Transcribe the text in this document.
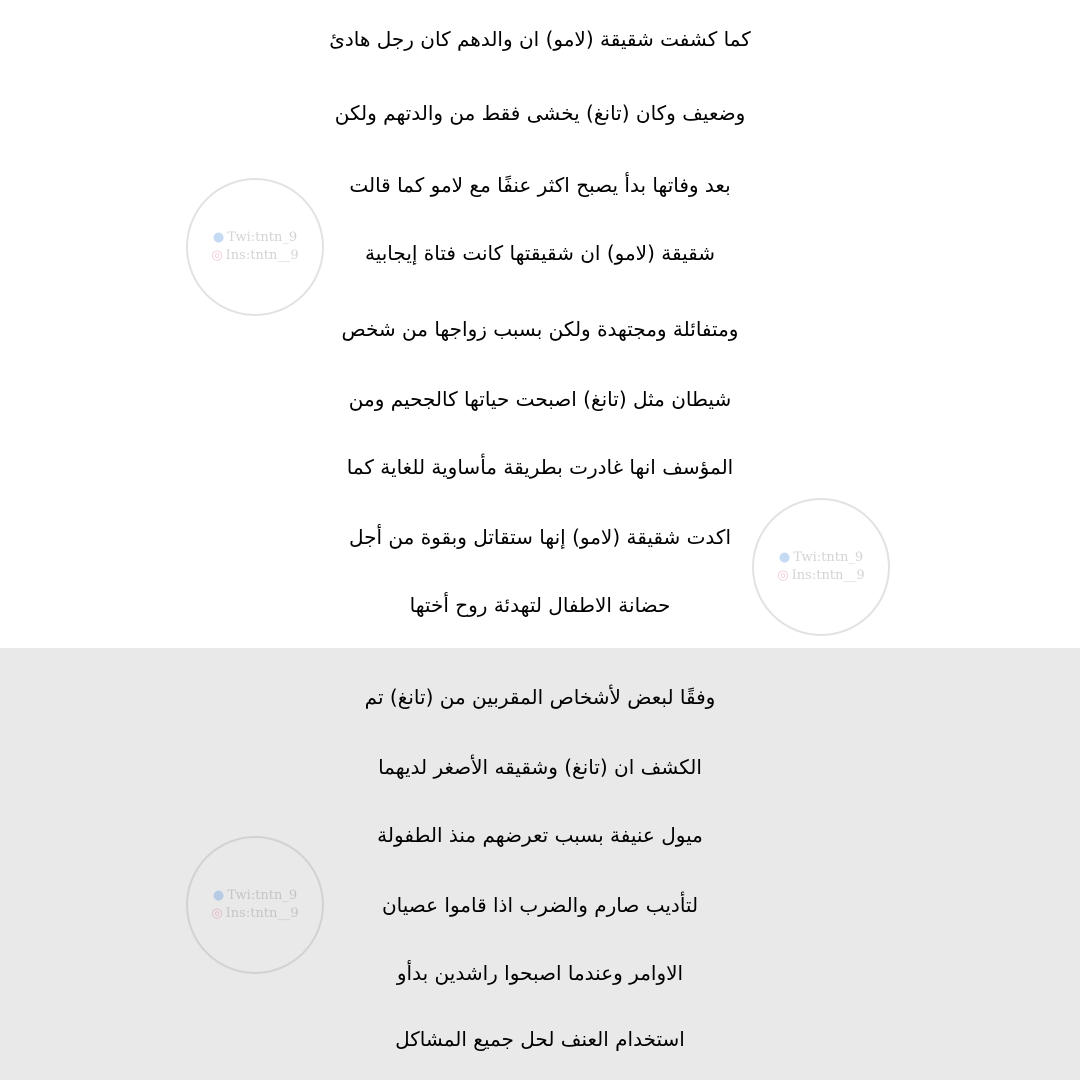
كما كشفت شقيقة (لامو) ان والدهم كان رجل هادئ
وضعيف وكان (تانغ) يخشى فقط من والدتهم ولكن
بعد وفاتها بدأ يصبح اكثر عنفًا مع لامو كما قالت
شقيقة (لامو) ان شقيقتها كانت فتاة إيجابية
ومتفائلة ومجتهدة ولكن بسبب زواجها من شخص
شيطان مثل (تانغ) اصبحت حياتها كالجحيم ومن
المؤسف انها غادرت بطريقة مأساوية للغاية كما
اكدت شقيقة (لامو) إنها ستقاتل وبقوة من أجل
حضانة الاطفال لتهدئة روح أختها
● Twi:tntn_9
◎ Ins:tntn__9
● Twi:tntn_9
◎ Ins:tntn__9
وفقًا لبعض لأشخاص المقربين من (تانغ) تم
الكشف ان (تانغ) وشقيقه الأصغر لديهما
ميول عنيفة بسبب تعرضهم منذ الطفولة
لتأديب صارم والضرب اذا قاموا عصيان
الاوامر وعندما اصبحوا راشدين بدأو
استخدام العنف لحل جميع المشاكل
● Twi:tntn_9
◎ Ins:tntn__9
